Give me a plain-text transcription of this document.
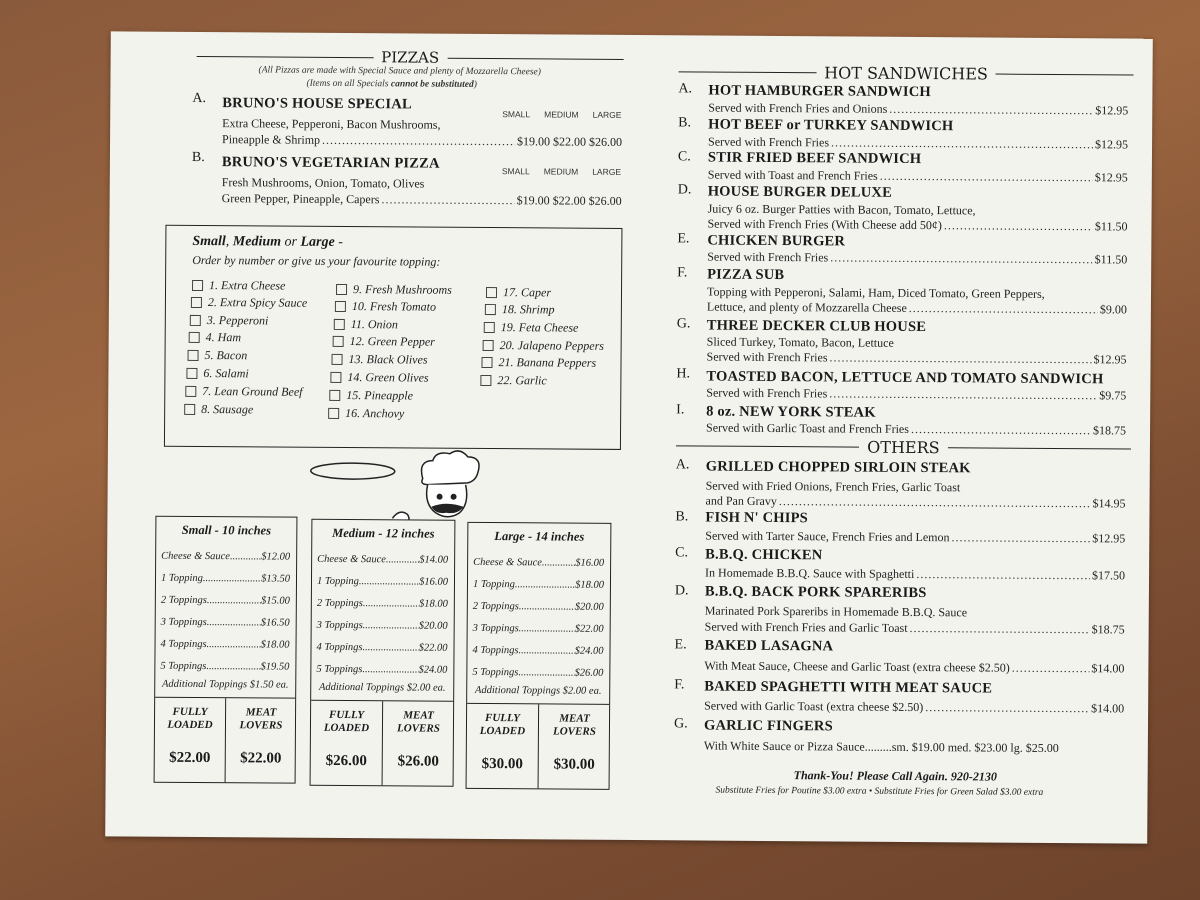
PIZZAS
(All Pizzas are made with Special Sauce and plenty of Mozzarella Cheese)
(Items on all Specials cannot be substituted)
A. BRUNO'S HOUSE SPECIAL
SMALL MEDIUM LARGE
Extra Cheese, Pepperoni, Bacon Mushrooms,
Pineapple & Shrimp .....	$19.00 $22.00 $26.00
B. BRUNO'S VEGETARIAN PIZZA	SMALL MEDIUM LARGE
Fresh Mushrooms, Onion, Tomato, Olives
Green Pepper, Pineapple, Capers .....	$19.00 $22.00 $26.00
Small, Medium or Large -
Order by number or give us your favourite topping:
1. Extra Cheese
2. Extra Spicy Sauce
3. Pepperoni
4. Ham
5. Bacon
6. Salami
7. Lean Ground Beef
8. Sausage
9. Fresh Mushrooms
10. Fresh Tomato
11. Onion
12. Green Pepper
13. Black Olives
14. Green Olives
15. Pineapple
16. Anchovy
17. Caper
18. Shrimp
19. Feta Cheese
20. Jalapeno Peppers
21. Banana Peppers
22. Garlic
Small - 10 inches
Cheese & Sauce .....	$12.00
1 Topping .....	$13.50
2 Toppings .....	$15.00
3 Toppings .....	$16.50
4 Toppings .....	$18.00
5 Toppings .....	$19.50
Additional Toppings $1.50 ea.
FULLY
LOADED
$22.00
MEAT
LOVERS
$22.00
Medium - 12 inches
Cheese & Sauce .....	$14.00
1 Topping .....	$16.00
2 Toppings .....	$18.00
3 Toppings .....	$20.00
4 Toppings .....	$22.00
5 Toppings .....	$24.00
Additional Toppings $2.00 ea.
FULLY
LOADED
$26.00
MEAT
LOVERS
$26.00
Large - 14 inches
Cheese & Sauce .....	$16.00
1 Topping .....	$18.00
2 Toppings .....	$20.00
3 Toppings .....	$22.00
4 Toppings .....	$24.00
5 Toppings .....	$26.00
Additional Toppings $2.00 ea.
FULLY
LOADED
$30.00
MEAT
LOVERS
$30.00
HOT SANDWICHES
A. HOT HAMBURGER SANDWICH
Served with French Fries and Onions .....	$12.95
B. HOT BEEF or TURKEY SANDWICH
Served with French Fries .....	$12.95
C. STIR FRIED BEEF SANDWICH
Served with Toast and French Fries .....	$12.95
D. HOUSE BURGER DELUXE
Juicy 6 oz. Burger Patties with Bacon, Tomato, Lettuce,
Served with French Fries (With Cheese add 50¢) .....	$11.50
E. CHICKEN BURGER
Served with French Fries .....	$11.50
F. PIZZA SUB
Topping with Pepperoni, Salami, Ham, Diced Tomato, Green Peppers,
Lettuce, and plenty of Mozzarella Cheese .....	$9.00
G. THREE DECKER CLUB HOUSE
Sliced Turkey, Tomato, Bacon, Lettuce
Served with French Fries .....	$12.95
H. TOASTED BACON, LETTUCE AND TOMATO SANDWICH
Served with French Fries .....	$9.75
I. 8 oz. NEW YORK STEAK
Served with Garlic Toast and French Fries .....	$18.75
OTHERS
A. GRILLED CHOPPED SIRLOIN STEAK
Served with Fried Onions, French Fries, Garlic Toast
and Pan Gravy .....	$14.95
B. FISH N' CHIPS
Served with Tarter Sauce, French Fries and Lemon .....	$12.95
C. B.B.Q. CHICKEN
In Homemade B.B.Q. Sauce with Spaghetti .....	$17.50
D. B.B.Q. BACK PORK SPARERIBS
Marinated Pork Spareribs in Homemade B.B.Q. Sauce
Served with French Fries and Garlic Toast .....	$18.75
E. BAKED LASAGNA
With Meat Sauce, Cheese and Garlic Toast (extra cheese $2.50) .....	$14.00
F. BAKED SPAGHETTI WITH MEAT SAUCE
Served with Garlic Toast (extra cheese $2.50) .....	$14.00
G. GARLIC FINGERS
With White Sauce or Pizza Sauce.........sm. $19.00 med. $23.00 lg. $25.00
Thank-You! Please Call Again. 920-2130
Substitute Fries for Poutine $3.00 extra • Substitute Fries for Green Salad $3.00 extra
